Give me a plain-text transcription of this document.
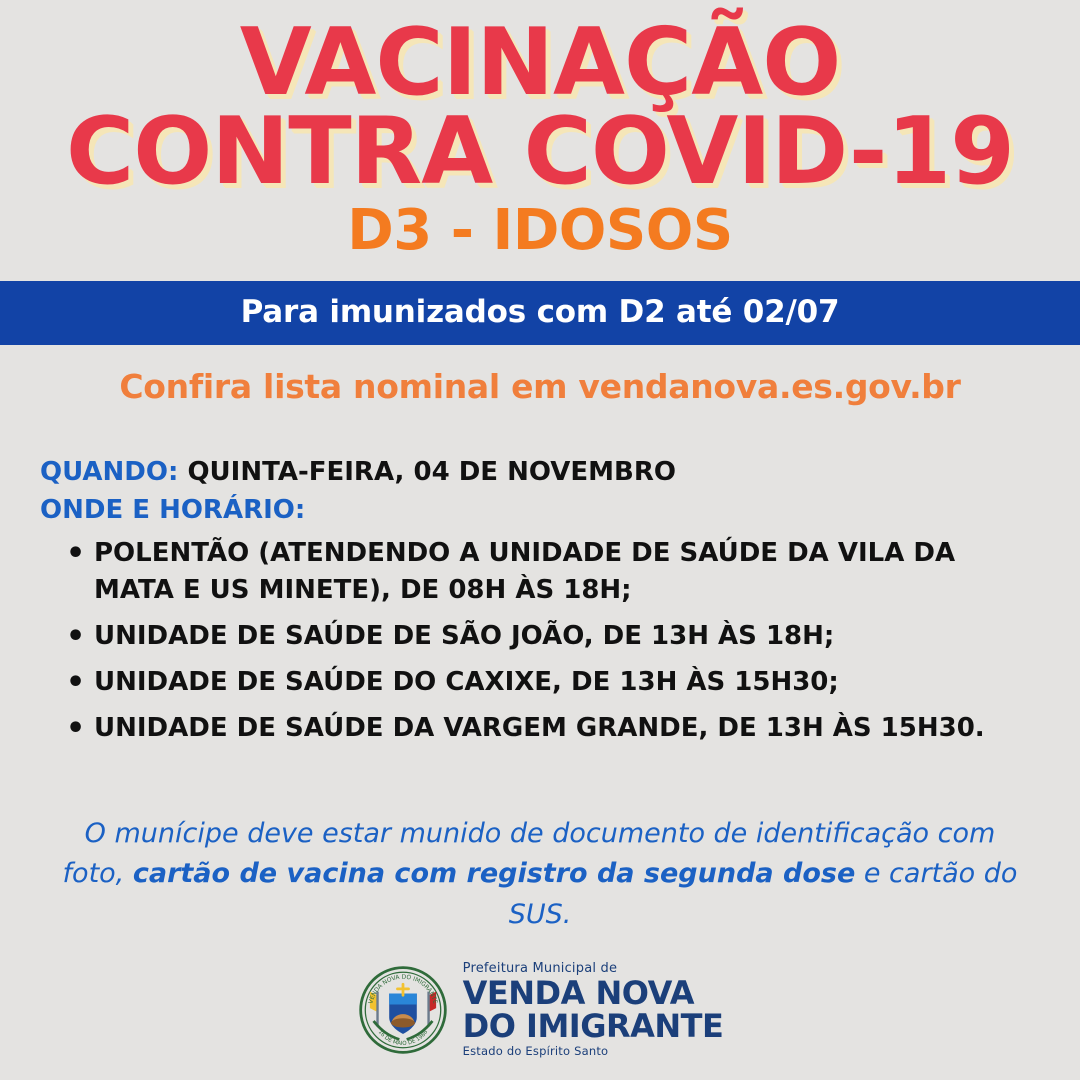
VACINAÇÃO
CONTRA COVID-19
D3 - IDOSOS
Para imunizados com D2 até 02/07
Confira lista nominal em vendanova.es.gov.br
QUANDO: QUINTA-FEIRA, 04 DE NOVEMBRO
ONDE E HORÁRIO:
• POLENTÃO (ATENDENDO A UNIDADE DE SAÚDE DA VILA DA MATA E US MINETE), DE 08H ÀS 18H;
• UNIDADE DE SAÚDE DE SÃO JOÃO, DE 13H ÀS 18H;
• UNIDADE DE SAÚDE DO CAXIXE, DE 13H ÀS 15H30;
• UNIDADE DE SAÚDE DA VARGEM GRANDE, DE 13H ÀS 15H30.
O munícipe deve estar munido de documento de identificação com foto, cartão de vacina com registro da segunda dose e cartão do SUS.
VENDA NOVA DO IMIGRANTE
16 DE MAIO DE 1988
Prefeitura Municipal de
VENDA NOVA
DO IMIGRANTE
Estado do Espírito Santo
